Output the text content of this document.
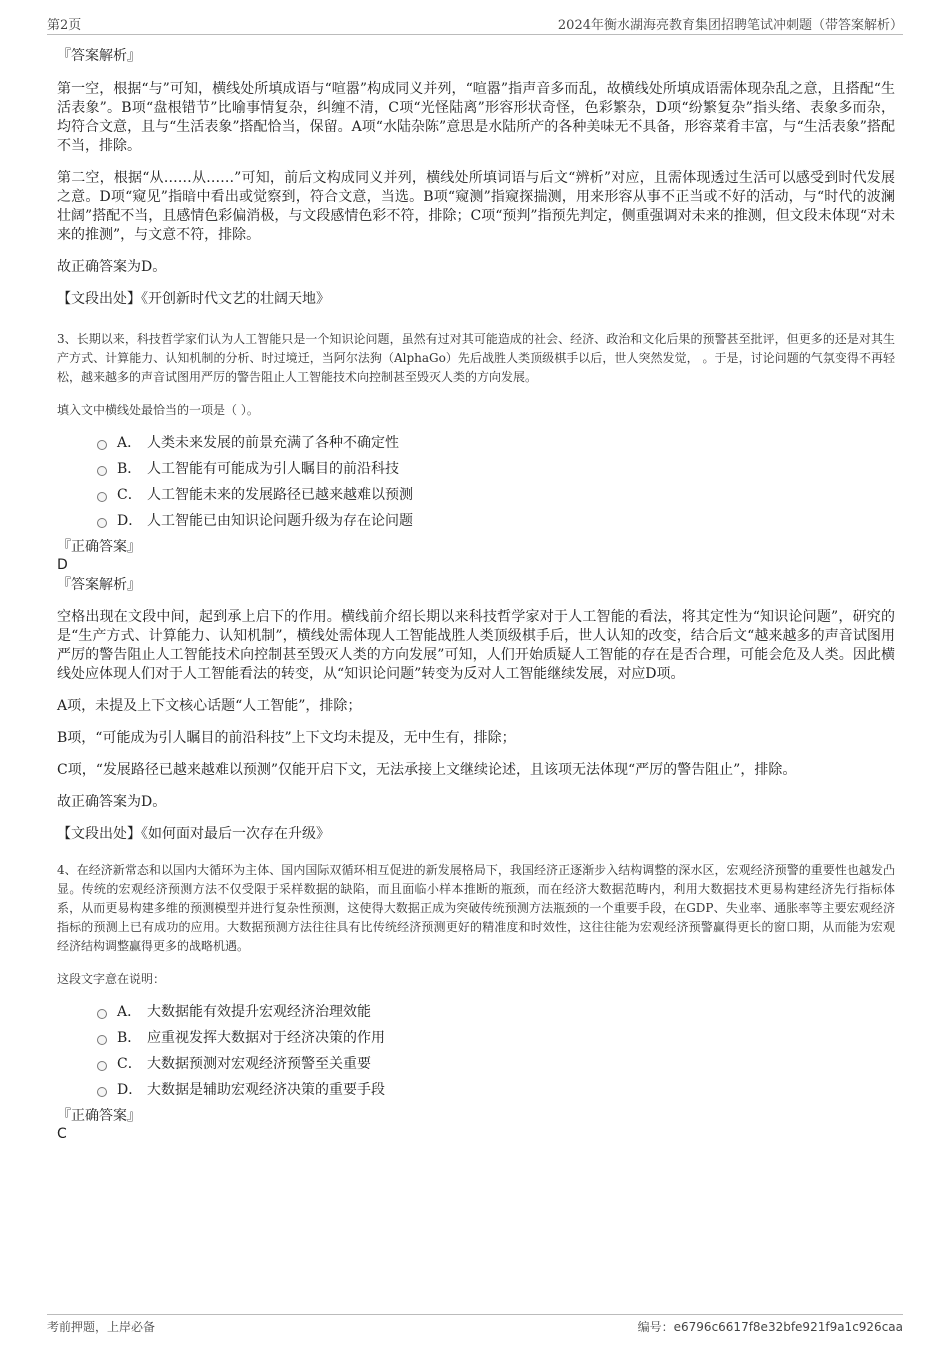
第2页	2024年衡水湖海亮教育集团招聘笔试冲刺题（带答案解析）
『答案解析』

第一空，根据“与”可知，横线处所填成语与“喧嚣”构成同义并列，“喧嚣”指声音多而乱，故横线处所填成语需体现杂乱之意，且搭配“生活表象”。B项“盘根错节”比喻事情复杂，纠缠不清，C项“光怪陆离”形容形状奇怪，色彩繁杂，D项“纷繁复杂”指头绪、表象多而杂，均符合文意，且与“生活表象”搭配恰当，保留。A项“水陆杂陈”意思是水陆所产的各种美味无不具备，形容菜肴丰富，与“生活表象”搭配不当，排除。

第二空，根据“从……从……”可知，前后文构成同义并列，横线处所填词语与后文“辨析”对应，且需体现透过生活可以感受到时代发展之意。D项“窥见”指暗中看出或觉察到，符合文意，当选。B项“窥测”指窥探揣测，用来形容从事不正当或不好的活动，与“时代的波澜壮阔”搭配不当，且感情色彩偏消极，与文段感情色彩不符，排除；C项“预判”指预先判定，侧重强调对未来的推测，但文段未体现“对未来的推测”，与文意不符，排除。

故正确答案为D。

【文段出处】《开创新时代文艺的壮阔天地》

3、长期以来，科技哲学家们认为人工智能只是一个知识论问题，虽然有过对其可能造成的社会、经济、政治和文化后果的预警甚至批评，但更多的还是对其生产方式、计算能力、认知机制的分析、时过境迁，当阿尔法狗（AlphaGo）先后战胜人类顶级棋手以后，世人突然发觉， 。于是，讨论问题的气氛变得不再轻松，越来越多的声音试图用严厉的警告阻止人工智能技术向控制甚至毁灭人类的方向发展。

填入文中横线处最恰当的一项是（ ）。

A． 人类未来发展的前景充满了各种不确定性
B． 人工智能有可能成为引人瞩目的前沿科技
C． 人工智能未来的发展路径已越来越难以预测
D． 人工智能已由知识论问题升级为存在论问题
『正确答案』
D
『答案解析』

空格出现在文段中间，起到承上启下的作用。横线前介绍长期以来科技哲学家对于人工智能的看法，将其定性为“知识论问题”，研究的是“生产方式、计算能力、认知机制”，横线处需体现人工智能战胜人类顶级棋手后，世人认知的改变，结合后文“越来越多的声音试图用严厉的警告阻止人工智能技术向控制甚至毁灭人类的方向发展”可知，人们开始质疑人工智能的存在是否合理，可能会危及人类。因此横线处应体现人们对于人工智能看法的转变，从“知识论问题”转变为反对人工智能继续发展，对应D项。

A项，未提及上下文核心话题“人工智能”，排除；

B项，“可能成为引人瞩目的前沿科技”上下文均未提及，无中生有，排除；

C项，“发展路径已越来越难以预测”仅能开启下文，无法承接上文继续论述，且该项无法体现“严厉的警告阻止”，排除。

故正确答案为D。

【文段出处】《如何面对最后一次存在升级》

4、在经济新常态和以国内大循环为主体、国内国际双循环相互促进的新发展格局下，我国经济正逐渐步入结构调整的深水区，宏观经济预警的重要性也越发凸显。传统的宏观经济预测方法不仅受限于采样数据的缺陷，而且面临小样本推断的瓶颈，而在经济大数据范畴内，利用大数据技术更易构建经济先行指标体系，从而更易构建多维的预测模型并进行复杂性预测，这使得大数据正成为突破传统预测方法瓶颈的一个重要手段，在GDP、失业率、通胀率等主要宏观经济指标的预测上已有成功的应用。大数据预测方法往往具有比传统经济预测更好的精准度和时效性，这往往能为宏观经济预警赢得更长的窗口期，从而能为宏观经济结构调整赢得更多的战略机遇。

这段文字意在说明：

A． 大数据能有效提升宏观经济治理效能
B． 应重视发挥大数据对于经济决策的作用
C． 大数据预测对宏观经济预警至关重要
D． 大数据是辅助宏观经济决策的重要手段
『正确答案』
C
考前押题，上岸必备	编号：e6796c6617f8e32bfe921f9a1c926caa
